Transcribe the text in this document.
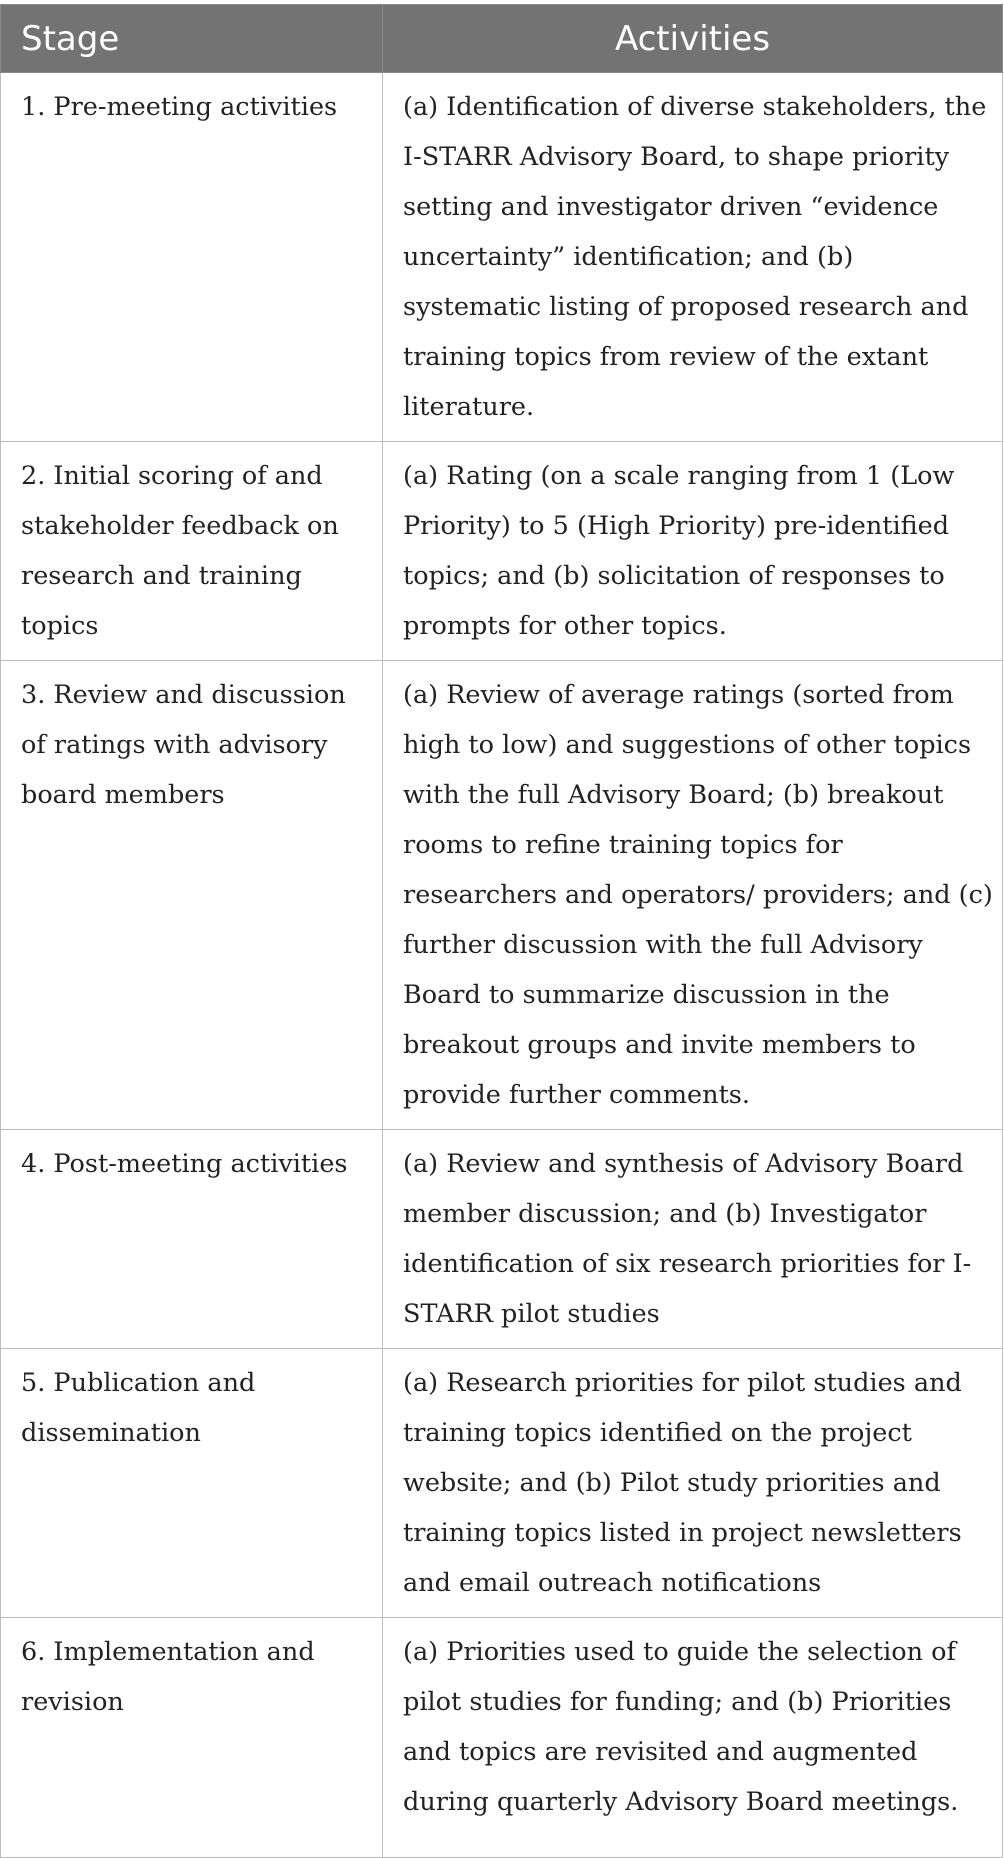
Stage	Activities
1. Pre-meeting activities	(a) Identification of diverse stakeholders, the I-STARR Advisory Board, to shape priority setting and investigator driven “evidence uncertainty” identification; and (b) systematic listing of proposed research and training topics from review of the extant literature.
2. Initial scoring of and stakeholder feedback on research and training topics	(a) Rating (on a scale ranging from 1 (Low Priority) to 5 (High Priority) pre-identified topics; and (b) solicitation of responses to prompts for other topics.
3. Review and discussion of ratings with advisory board members	(a) Review of average ratings (sorted from high to low) and suggestions of other topics with the full Advisory Board; (b) breakout rooms to refine training topics for researchers and operators/ providers; and (c) further discussion with the full Advisory Board to summarize discussion in the breakout groups and invite members to provide further comments.
4. Post-meeting activities	(a) Review and synthesis of Advisory Board member discussion; and (b) Investigator identification of six research priorities for I-STARR pilot studies
5. Publication and dissemination	(a) Research priorities for pilot studies and training topics identified on the project website; and (b) Pilot study priorities and training topics listed in project newsletters and email outreach notifications
6. Implementation and revision	(a) Priorities used to guide the selection of pilot studies for funding; and (b) Priorities and topics are revisited and augmented during quarterly Advisory Board meetings.
